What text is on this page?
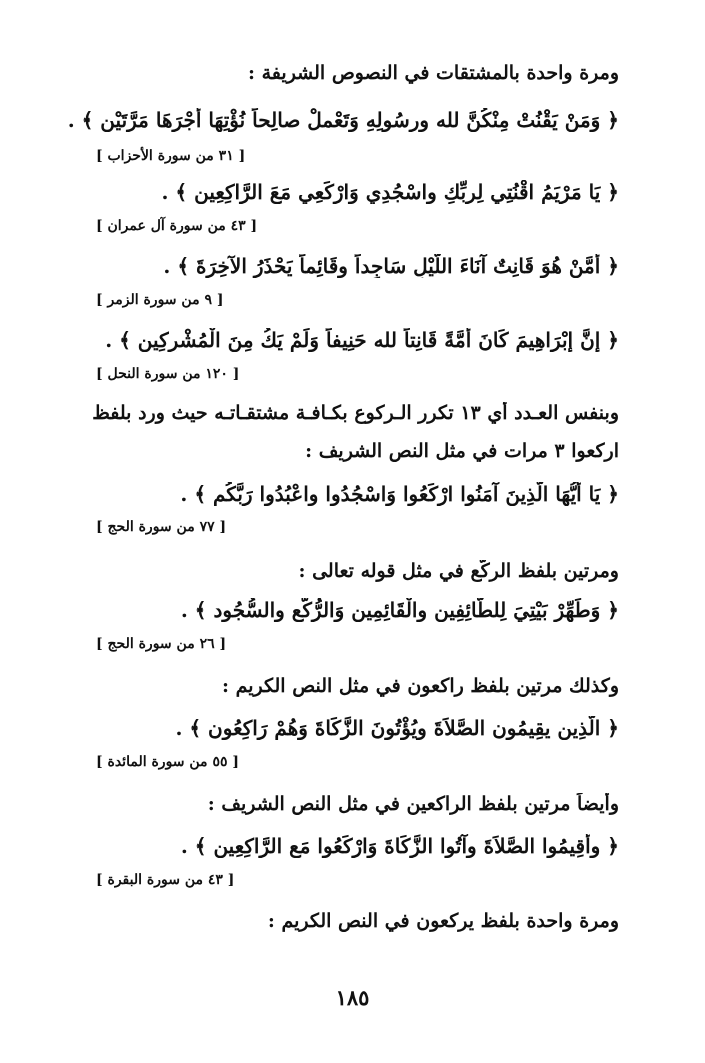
ومرة واحدة بالمشتقات في النصوص الشريفة :
﴿ وَمَنْ يَقْنُتْ مِنْكُنَّ لله ورسُولِهِ وَتَعْملْ صالِحاً نُؤْتِهَا أَجْرَهَا مَرَّتَيْن ﴾ .
[ ٣١ من سورة الأحزاب ]
﴿ يَا مَرْيَمُ اقْنُتِي لِربِّكِ واسْجُدِي وَارْكَعِي مَعَ الرَّاكِعِين ﴾ .
[ ٤٣ من سورة آل عمران ]
﴿ أَمَّنْ هُوَ قَانِتٌ آنَاءَ اللَّيْلِ سَاجِداً وقَائِماً يَحْذَرُ الآخِرَةَ ﴾ .
[ ٩ من سورة الزمر ]
﴿ إنَّ إِبْرَاهِيمَ كَانَ أُمَّةً قَانِتاً لله حَنِيفاً وَلَمْ يَكُ مِنَ الْمُشْرِكِين ﴾ .
[ ١٢٠ من سورة النحل ]
وبنفس العـدد أي ١٣ تكرر الـركوع بكـافـة مشتقـاتـه حيث ورد بلفظ
اركعوا ٣ مرات في مثل النص الشريف :
﴿ يَا أَيُّهَا الَّذِينَ آمَنُوا ارْكَعُوا وَاسْجُدُوا واعْبُدُوا رَبَّكُم ﴾ .
[ ٧٧ من سورة الحج ]
ومرتين بلفظ الركّع في مثل قوله تعالى :
﴿ وَطَهِّرْ بَيْتِيَ لِلطَّائِفِين والْقَائِمِين وَالرُّكَّعِ والسُّجُود ﴾ .
[ ٢٦ من سورة الحج ]
وكذلك مرتين بلفظ راكعون في مثل النص الكريم :
﴿ الَّذِين يقِيمُون الصَّلاَةَ ويُؤْتُونَ الزَّكَاةَ وَهُمْ رَاكِعُون ﴾ .
[ ٥٥ من سورة المائدة ]
وأيضاً مرتين بلفظ الراكعين في مثل النص الشريف :
﴿ وأَقِيمُوا الصَّلاَةَ وآتُوا الزَّكَاةَ وَارْكَعُوا مَع الرَّاكِعِين ﴾ .
[ ٤٣ من سورة البقرة ]
ومرة واحدة بلفظ يركعون في النص الكريم :
١٨٥
